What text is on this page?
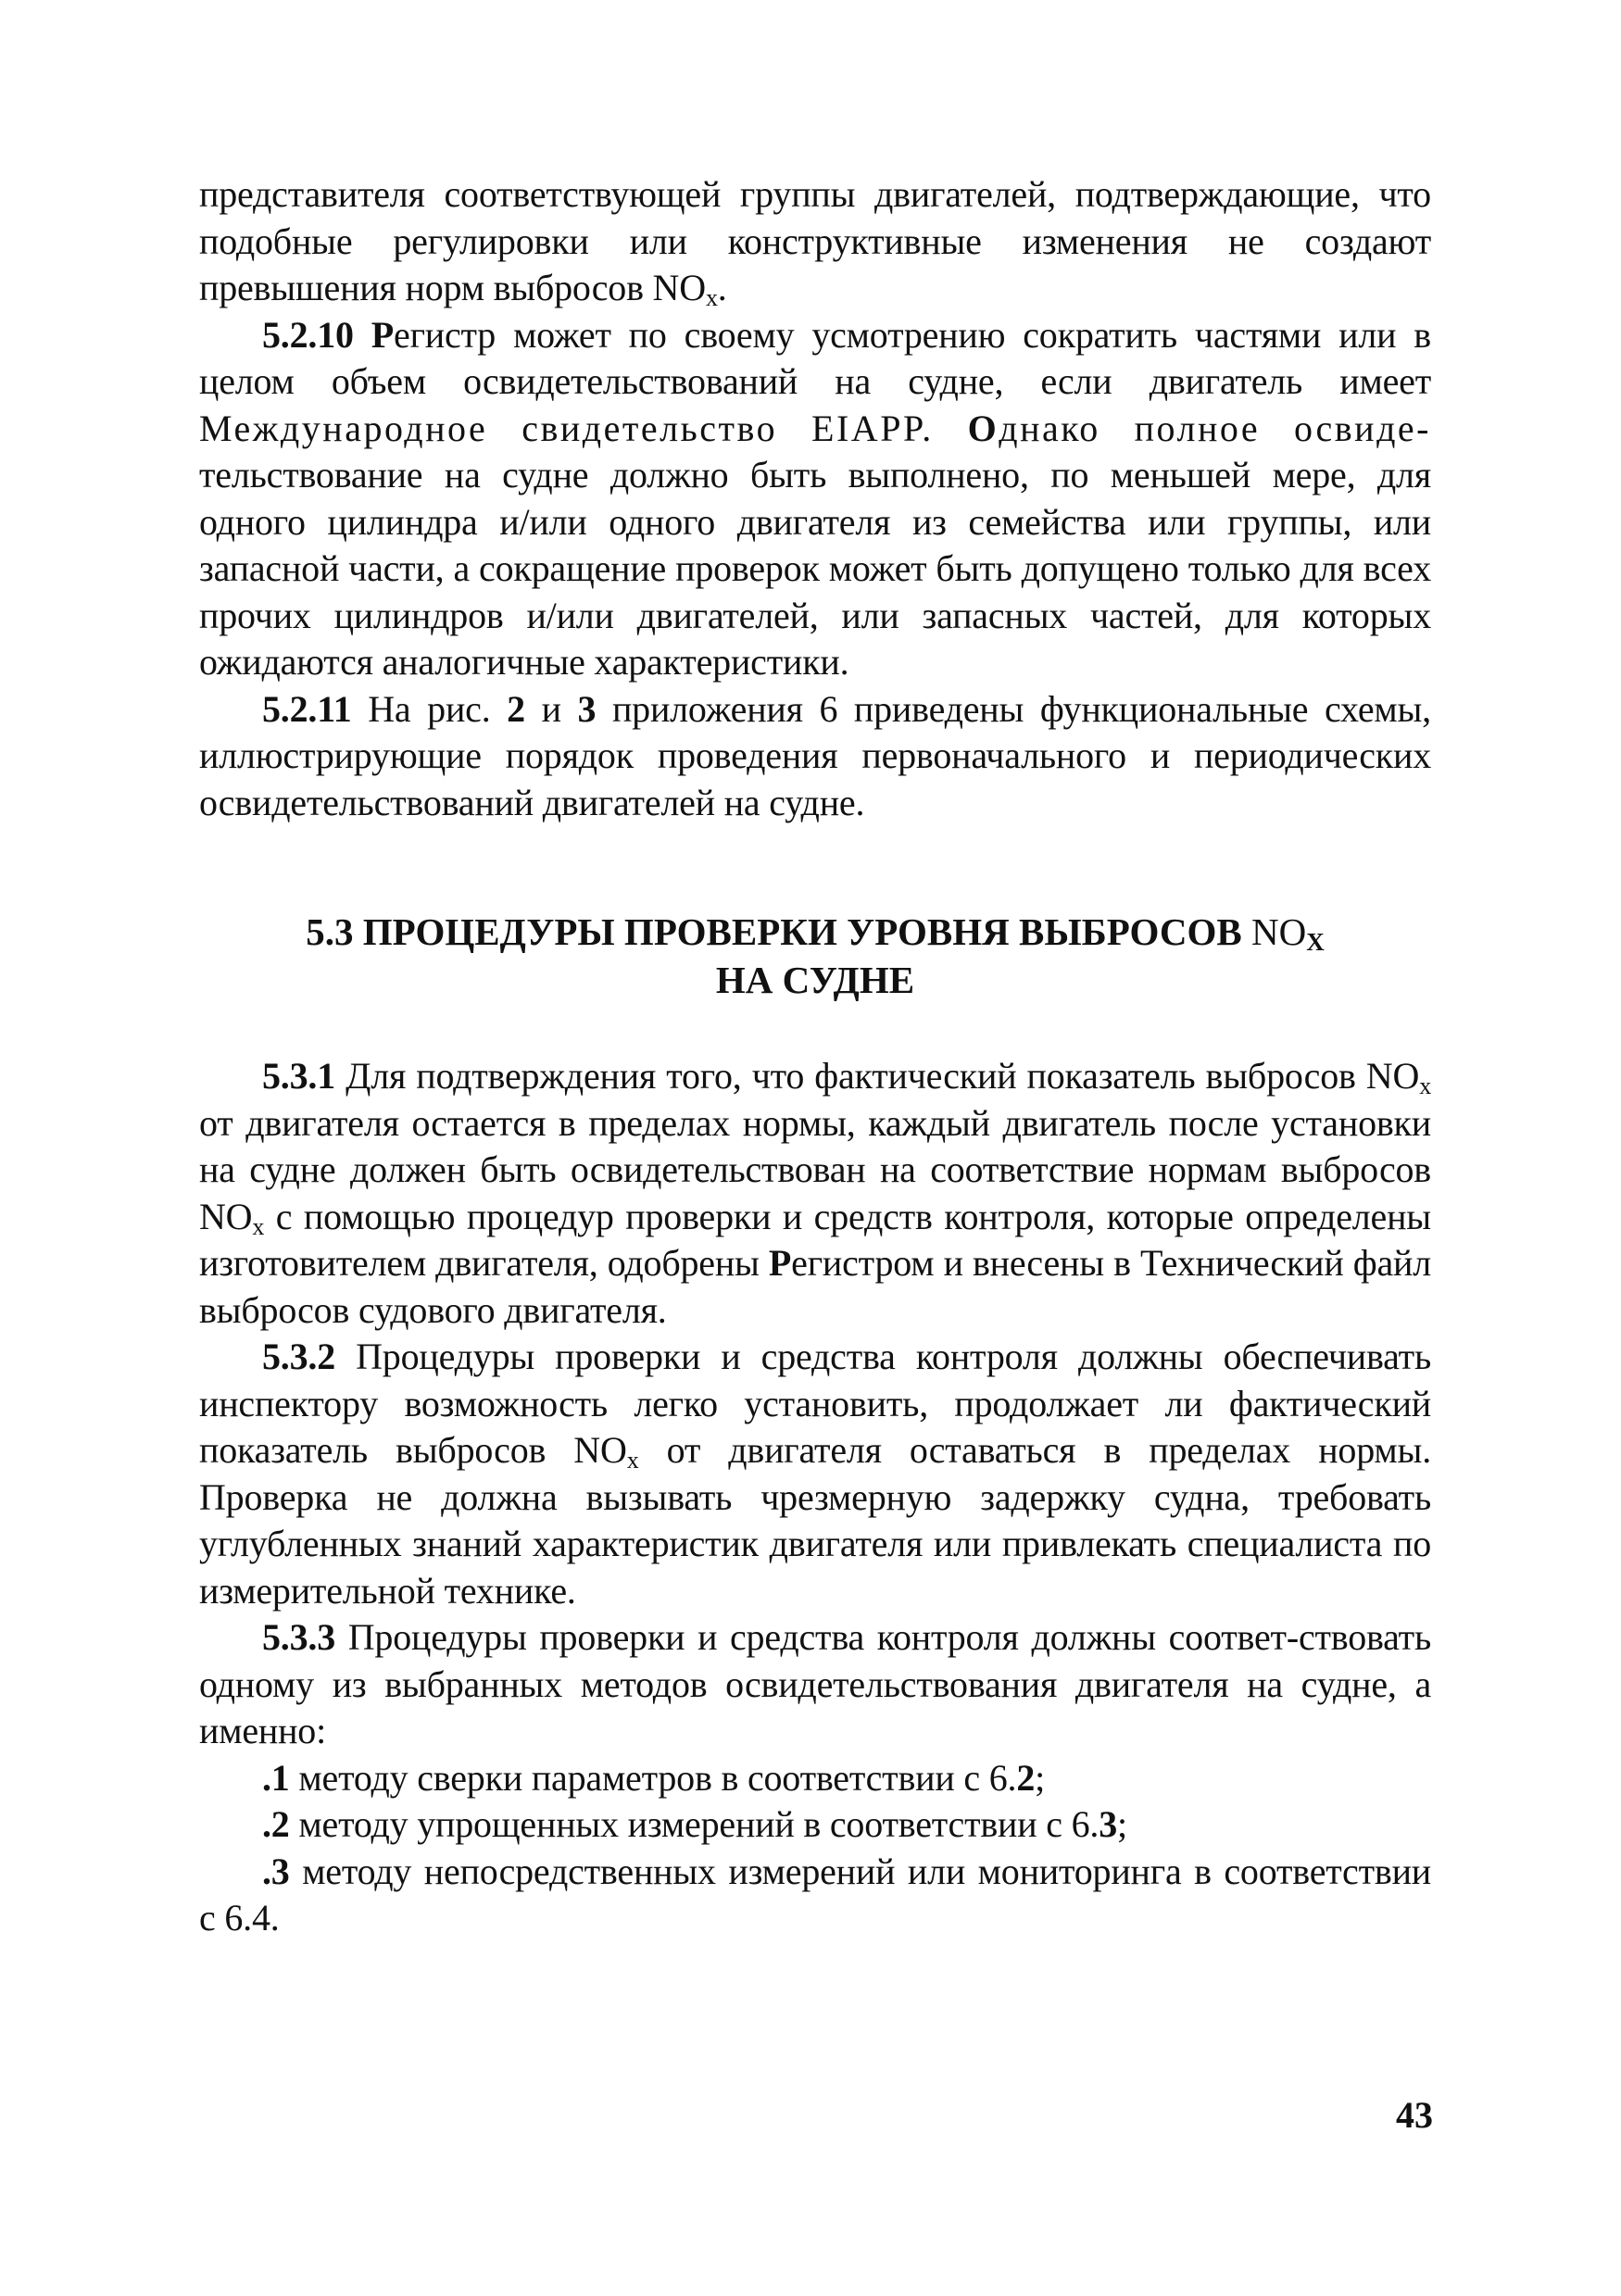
представителя соответствующей группы двигателей, подтверждающие, что подобные регулировки или конструктивные изменения не создают превышения норм выбросов $NO_x$.

5.2.10 Регистр может по своему усмотрению сократить частями или в целом объем освидетельствований на судне, если двигатель имеет Международное свидетельство EIAPP. Однако полное освиде-тельствование на судне должно быть выполнено, по меньшей мере, для одного цилиндра и/или одного двигателя из семейства или группы, или запасной части, а сокращение проверок может быть допущено только для всех прочих цилиндров и/или двигателей, или запасных частей, для которых ожидаются аналогичные характеристики.

5.2.11 На рис. 2 и 3 приложения 6 приведены функциональные схемы, иллюстрирующие порядок проведения первоначального и периодических освидетельствований двигателей на судне.

5.3 ПРОЦЕДУРЫ ПРОВЕРКИ УРОВНЯ ВЫБРОСОВ $NO_X$
НА СУДНЕ

5.3.1 Для подтверждения того, что фактический показатель выбросов $NO_x$ от двигателя остается в пределах нормы, каждый двигатель после установки на судне должен быть освидетельствован на соответствие нормам выбросов $NO_x$ с помощью процедур проверки и средств контроля, которые определены изготовителем двигателя, одобрены Регистром и внесены в Технический файл выбросов судового двигателя.

5.3.2 Процедуры проверки и средства контроля должны обеспечивать инспектору возможность легко установить, продолжает ли фактический показатель выбросов $NO_x$ от двигателя оставаться в пределах нормы. Проверка не должна вызывать чрезмерную задержку судна, требовать углубленных знаний характеристик двигателя или привлекать специалиста по измерительной технике.

5.3.3 Процедуры проверки и средства контроля должны соответ-ствовать одному из выбранных методов освидетельствования двигателя на судне, а именно:

.1 методу сверки параметров в соответствии с 6.2;

.2 методу упрощенных измерений в соответствии с 6.3;

.3 методу непосредственных измерений или мониторинга в соответствии с 6.4.

43
